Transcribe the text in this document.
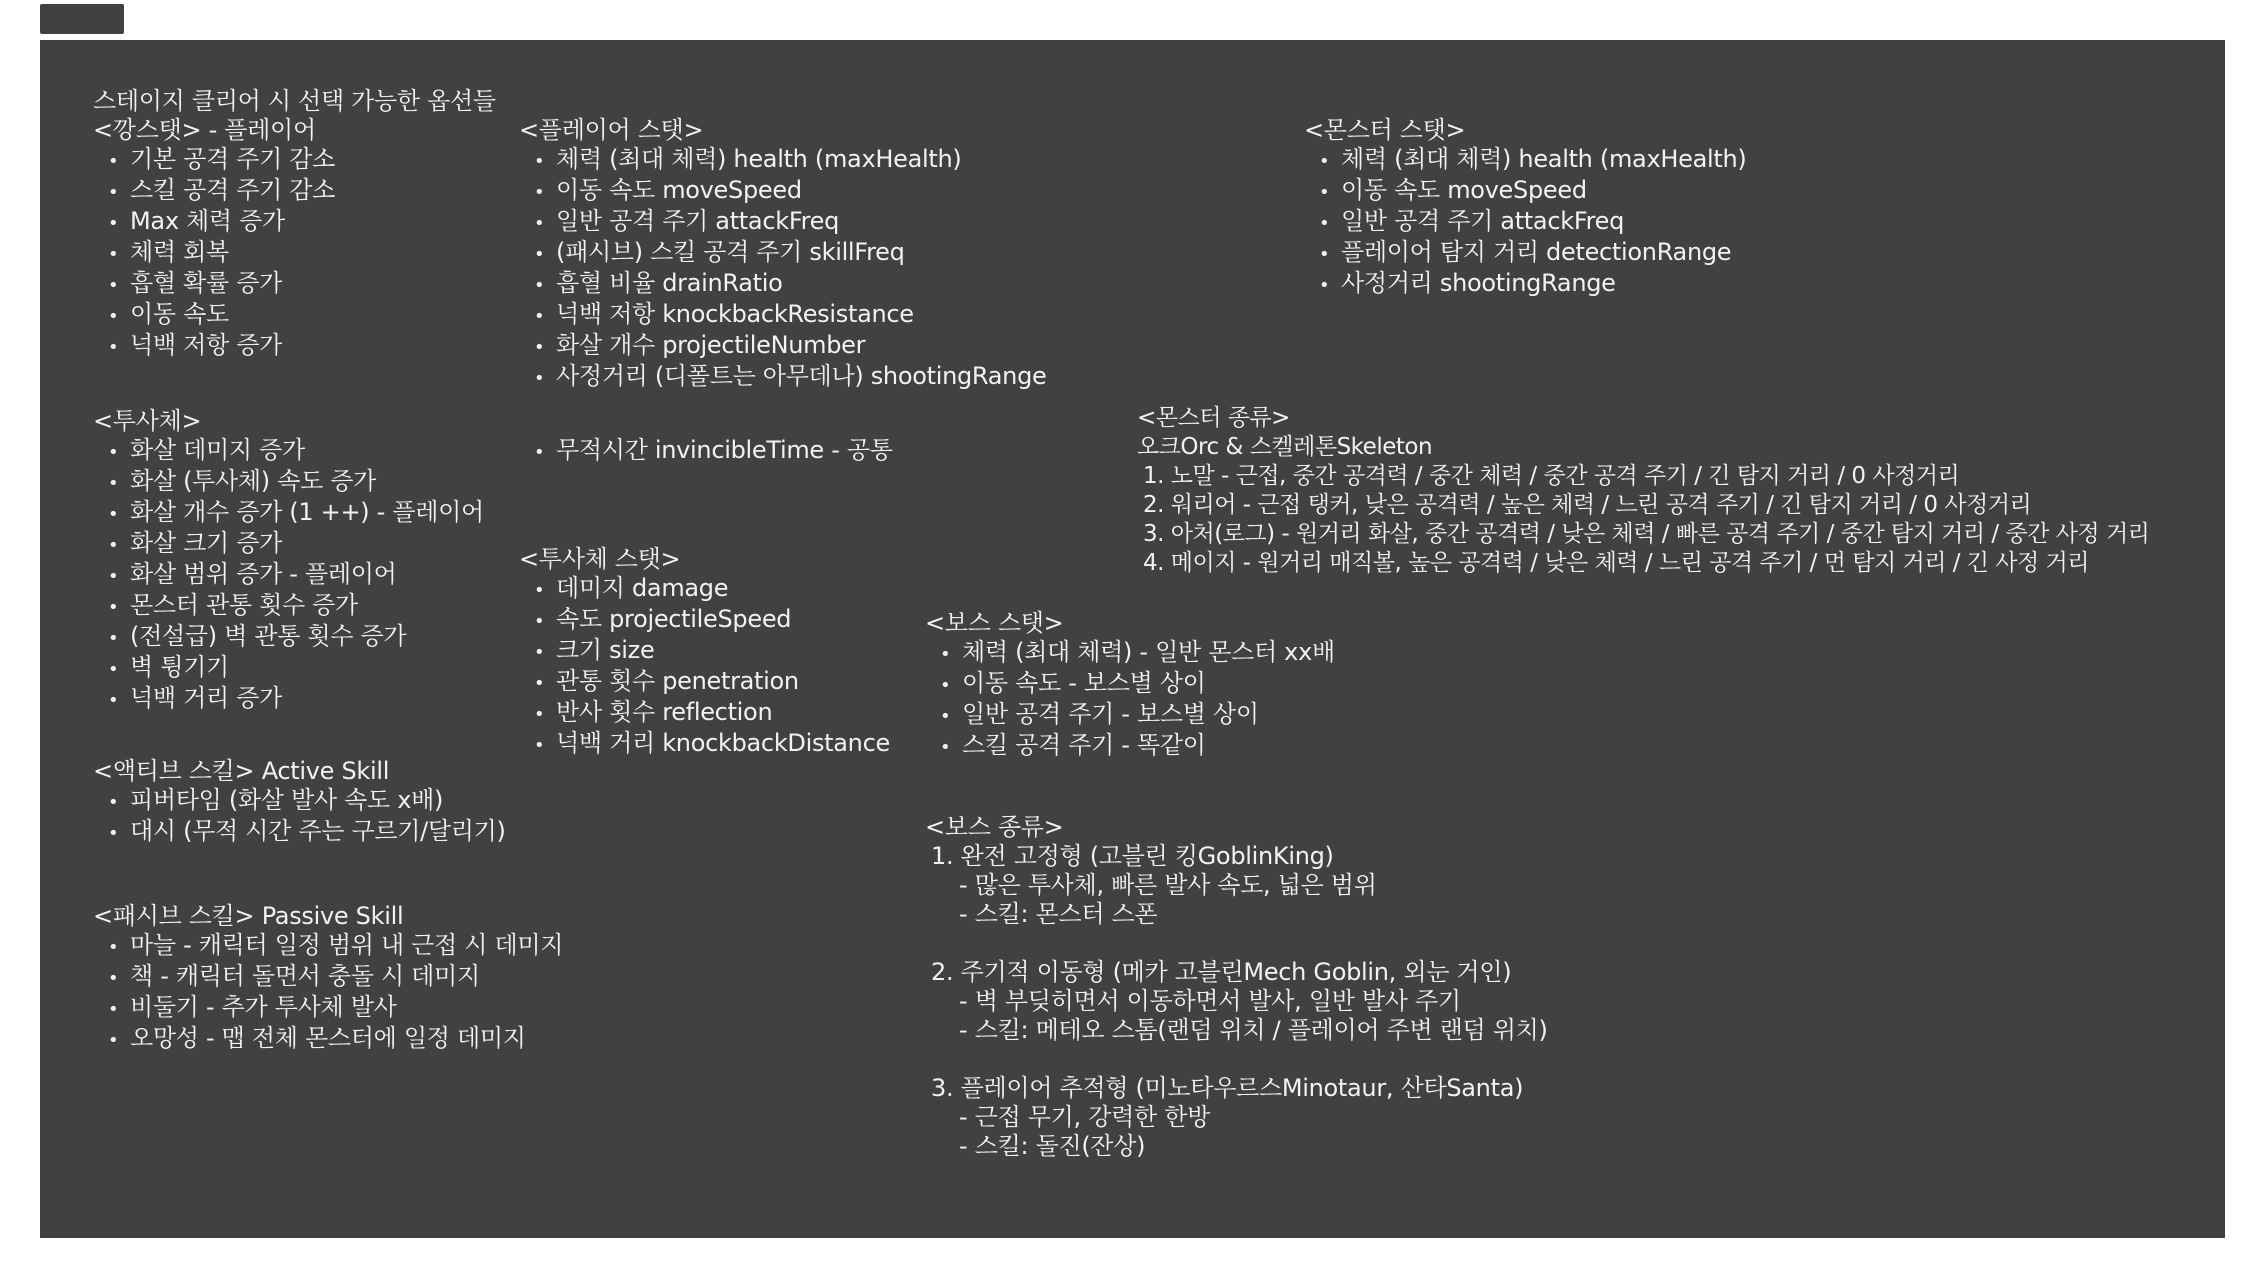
스테이지 클리어 시 선택 가능한 옵션들
<깡스탯> - 플레이어
• 기본 공격 주기 감소
• 스킬 공격 주기 감소
• Max 체력 증가
• 체력 회복
• 흡혈 확률 증가
• 이동 속도
• 넉백 저항 증가
<투사체>
• 화살 데미지 증가
• 화살 (투사체) 속도 증가
• 화살 개수 증가 (1 ++) - 플레이어
• 화살 크기 증가
• 화살 범위 증가 - 플레이어
• 몬스터 관통 횟수 증가
• (전설급) 벽 관통 횟수 증가
• 벽 튕기기
• 넉백 거리 증가
<액티브 스킬> Active Skill
• 피버타임 (화살 발사 속도 x배)
• 대시 (무적 시간 주는 구르기/달리기)
<패시브 스킬> Passive Skill
• 마늘 - 캐릭터 일정 범위 내 근접 시 데미지
• 책 - 캐릭터 돌면서 충돌 시 데미지
• 비둘기 - 추가 투사체 발사
• 오망성 - 맵 전체 몬스터에 일정 데미지
<플레이어 스탯>
• 체력 (최대 체력) health (maxHealth)
• 이동 속도 moveSpeed
• 일반 공격 주기 attackFreq
• (패시브) 스킬 공격 주기 skillFreq
• 흡혈 비율 drainRatio
• 넉백 저항 knockbackResistance
• 화살 개수 projectileNumber
• 사정거리 (디폴트는 아무데나) shootingRange
• 무적시간 invincibleTime - 공통
<투사체 스탯>
• 데미지 damage
• 속도 projectileSpeed
• 크기 size
• 관통 횟수 penetration
• 반사 횟수 reflection
• 넉백 거리 knockbackDistance
<보스 스탯>
• 체력 (최대 체력) - 일반 몬스터 xx배
• 이동 속도 - 보스별 상이
• 일반 공격 주기 - 보스별 상이
• 스킬 공격 주기 - 똑같이
<보스 종류>
1. 완전 고정형 (고블린 킹GoblinKing)
- 많은 투사체, 빠른 발사 속도, 넓은 범위
- 스킬: 몬스터 스폰
2. 주기적 이동형 (메카 고블린Mech Goblin, 외눈 거인)
- 벽 부딪히면서 이동하면서 발사, 일반 발사 주기
- 스킬: 메테오 스톰(랜덤 위치 / 플레이어 주변 랜덤 위치)
3. 플레이어 추적형 (미노타우르스Minotaur, 산타Santa)
- 근접 무기, 강력한 한방
- 스킬: 돌진(잔상)
<몬스터 스탯>
• 체력 (최대 체력) health (maxHealth)
• 이동 속도 moveSpeed
• 일반 공격 주기 attackFreq
• 플레이어 탐지 거리 detectionRange
• 사정거리 shootingRange
<몬스터 종류>
오크Orc & 스켈레톤Skeleton
1. 노말 - 근접, 중간 공격력 / 중간 체력 / 중간 공격 주기 / 긴 탐지 거리 / 0 사정거리
2. 워리어 - 근접 탱커, 낮은 공격력 / 높은 체력 / 느린 공격 주기 / 긴 탐지 거리 / 0 사정거리
3. 아처(로그) - 원거리 화살, 중간 공격력 / 낮은 체력 / 빠른 공격 주기 / 중간 탐지 거리 / 중간 사정 거리
4. 메이지 - 원거리 매직볼, 높은 공격력 / 낮은 체력 / 느린 공격 주기 / 먼 탐지 거리 / 긴 사정 거리
